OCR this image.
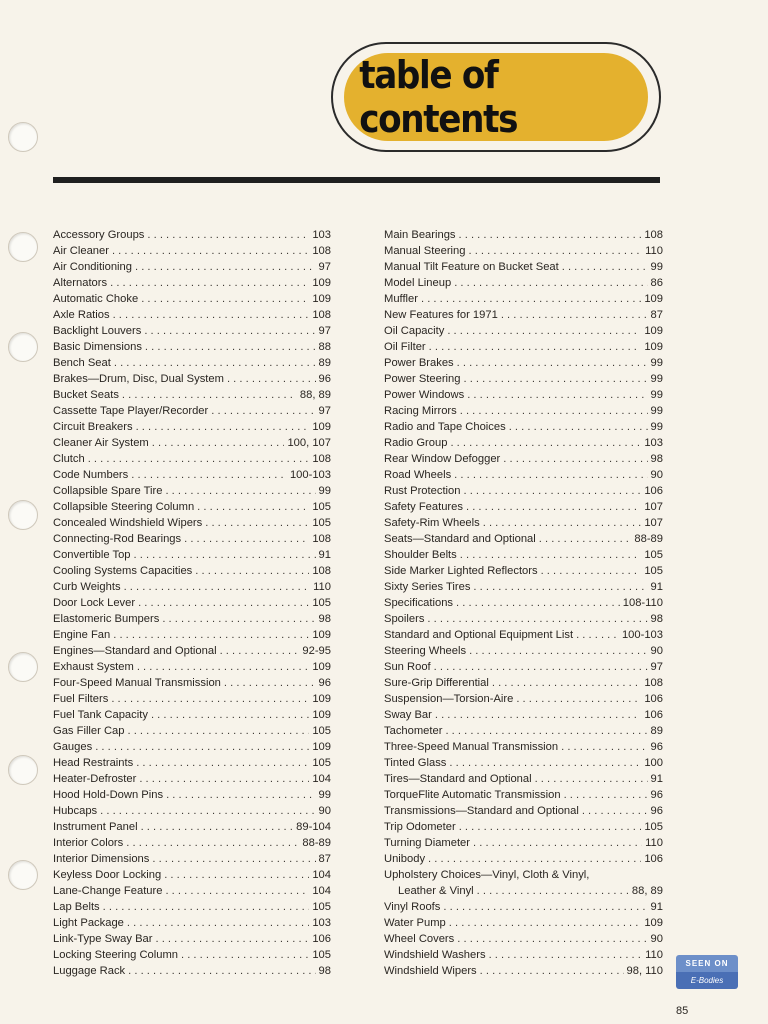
table of contents
Accessory Groups . . .	103
Air Cleaner . . .	108
Air Conditioning . . .	97
Alternators . . .	109
Automatic Choke . . .	109
Axle Ratios . . .	108
Backlight Louvers . . .	97
Basic Dimensions . . .	88
Bench Seat . . .	89
Brakes—Drum, Disc, Dual System . . .	96
Bucket Seats . . .	88, 89
Cassette Tape Player/Recorder . . .	97
Circuit Breakers . . .	109
Cleaner Air System . . .	100, 107
Clutch . . .	108
Code Numbers . . .	100-103
Collapsible Spare Tire . . .	99
Collapsible Steering Column . . .	105
Concealed Windshield Wipers . . .	105
Connecting-Rod Bearings . . .	108
Convertible Top . . .	91
Cooling Systems Capacities . . .	108
Curb Weights . . .	110
Door Lock Lever . . .	105
Elastomeric Bumpers . . .	98
Engine Fan . . .	109
Engines—Standard and Optional . . .	92-95
Exhaust System . . .	109
Four-Speed Manual Transmission . . .	96
Fuel Filters . . .	109
Fuel Tank Capacity . . .	109
Gas Filler Cap . . .	105
Gauges . . .	109
Head Restraints . . .	105
Heater-Defroster . . .	104
Hood Hold-Down Pins . . .	99
Hubcaps . . .	90
Instrument Panel . . .	89-104
Interior Colors . . .	88-89
Interior Dimensions . . .	87
Keyless Door Locking . . .	104
Lane-Change Feature . . .	104
Lap Belts . . .	105
Light Package . . .	103
Link-Type Sway Bar . . .	106
Locking Steering Column . . .	105
Luggage Rack . . .	98
Main Bearings . . .	108
Manual Steering . . .	110
Manual Tilt Feature on Bucket Seat . . .	99
Model Lineup . . .	86
Muffler . . .	109
New Features for 1971 . . .	87
Oil Capacity . . .	109
Oil Filter . . .	109
Power Brakes . . .	99
Power Steering . . .	99
Power Windows . . .	99
Racing Mirrors . . .	99
Radio and Tape Choices . . .	99
Radio Group . . .	103
Rear Window Defogger . . .	98
Road Wheels . . .	90
Rust Protection . . .	106
Safety Features . . .	107
Safety-Rim Wheels . . .	107
Seats—Standard and Optional . . .	88-89
Shoulder Belts . . .	105
Side Marker Lighted Reflectors . . .	105
Sixty Series Tires . . .	91
Specifications . . .	108-110
Spoilers . . .	98
Standard and Optional Equipment List . . .	100-103
Steering Wheels . . .	90
Sun Roof . . .	97
Sure-Grip Differential . . .	108
Suspension—Torsion-Aire . . .	106
Sway Bar . . .	106
Tachometer . . .	89
Three-Speed Manual Transmission . . .	96
Tinted Glass . . .	100
Tires—Standard and Optional . . .	91
TorqueFlite Automatic Transmission . . .	96
Transmissions—Standard and Optional . . .	96
Trip Odometer . . .	105
Turning Diameter . . .	110
Unibody . . .	106
Upholstery Choices—Vinyl, Cloth & Vinyl,
Leather & Vinyl . . .	88, 89
Vinyl Roofs . . .	91
Water Pump . . .	109
Wheel Covers . . .	90
Windshield Washers . . .	110
Windshield Wipers . . .	98, 110
SEEN ON
E-Bodies
85
